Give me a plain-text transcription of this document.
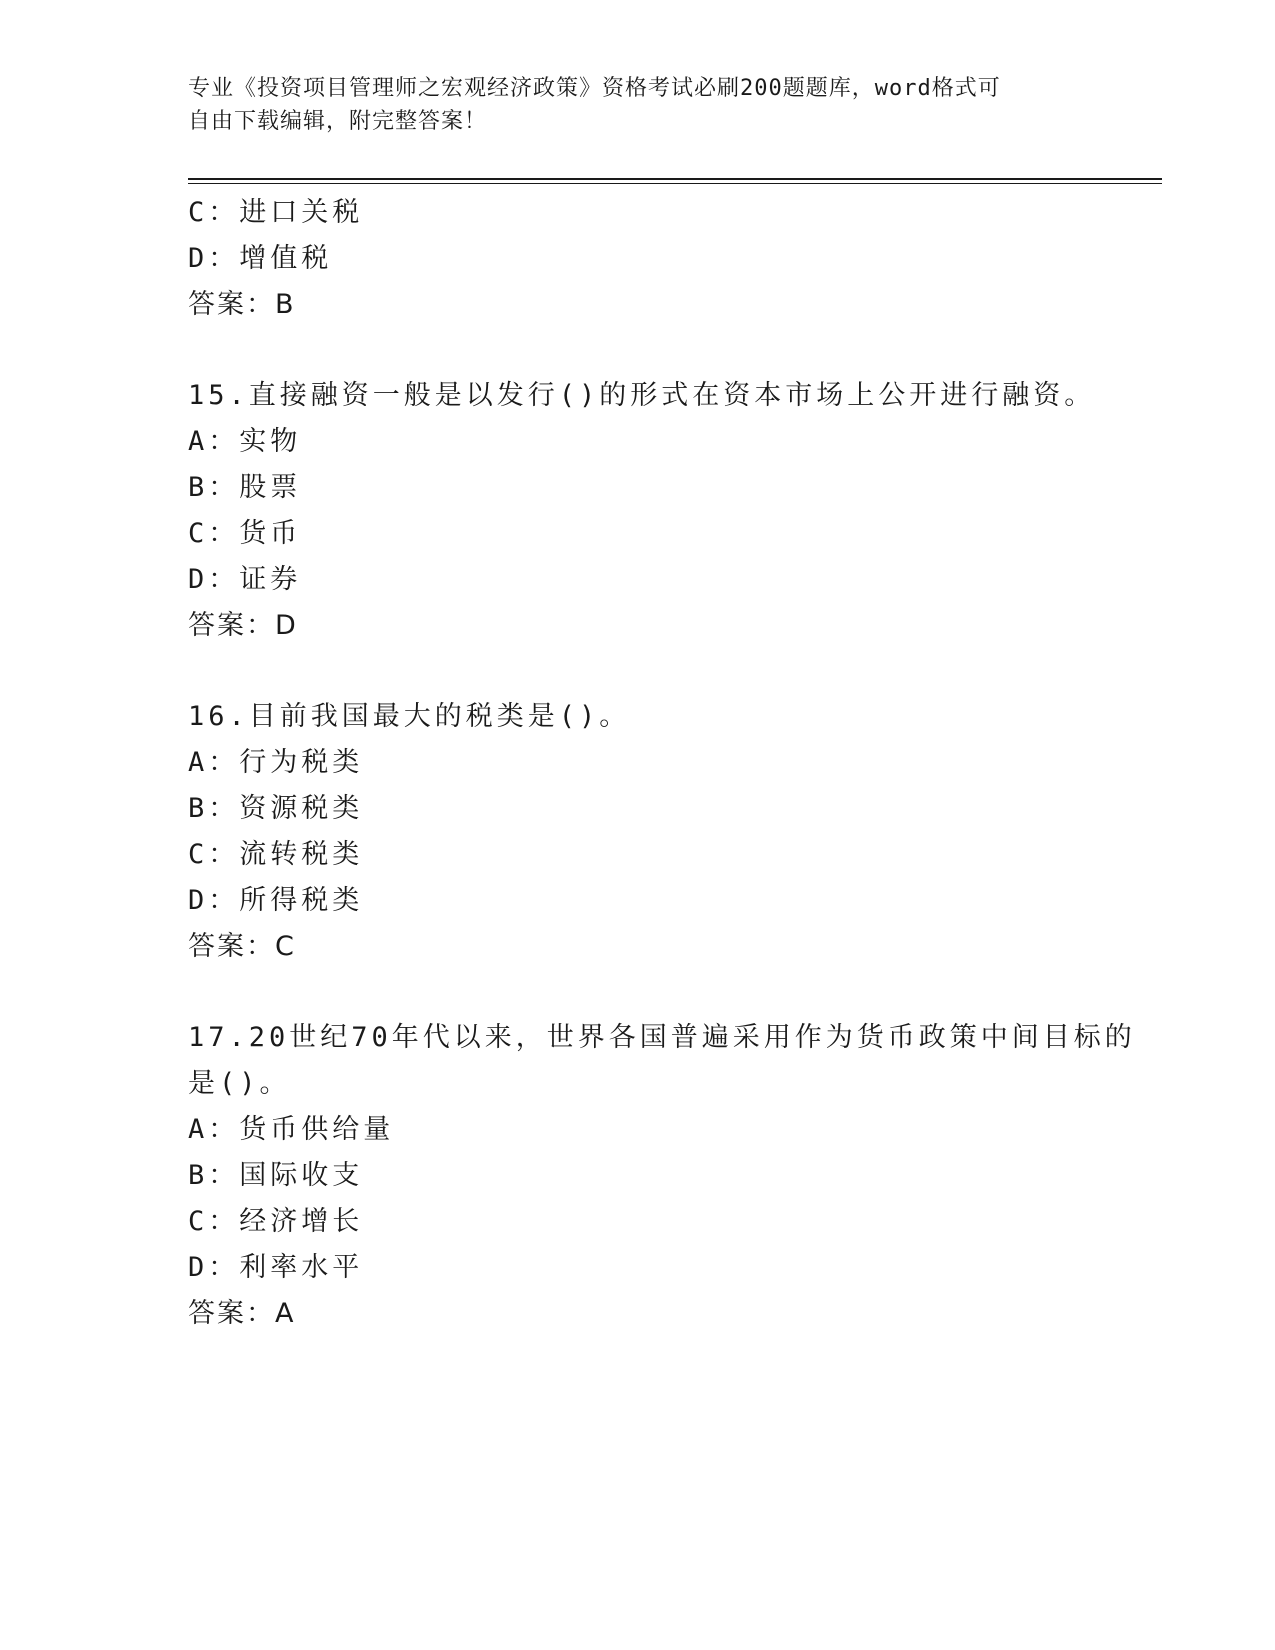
专业《投资项目管理师之宏观经济政策》资格考试必刷200题题库，word格式可
自由下载编辑，附完整答案！
C：进口关税
D：增值税
答案：B
15.直接融资一般是以发行()的形式在资本市场上公开进行融资。
A：实物
B：股票
C：货币
D：证券
答案：D
16.目前我国最大的税类是()。
A：行为税类
B：资源税类
C：流转税类
D：所得税类
答案：C
17.20世纪70年代以来，世界各国普遍采用作为货币政策中间目标的
是()。
A：货币供给量
B：国际收支
C：经济增长
D：利率水平
答案：A
